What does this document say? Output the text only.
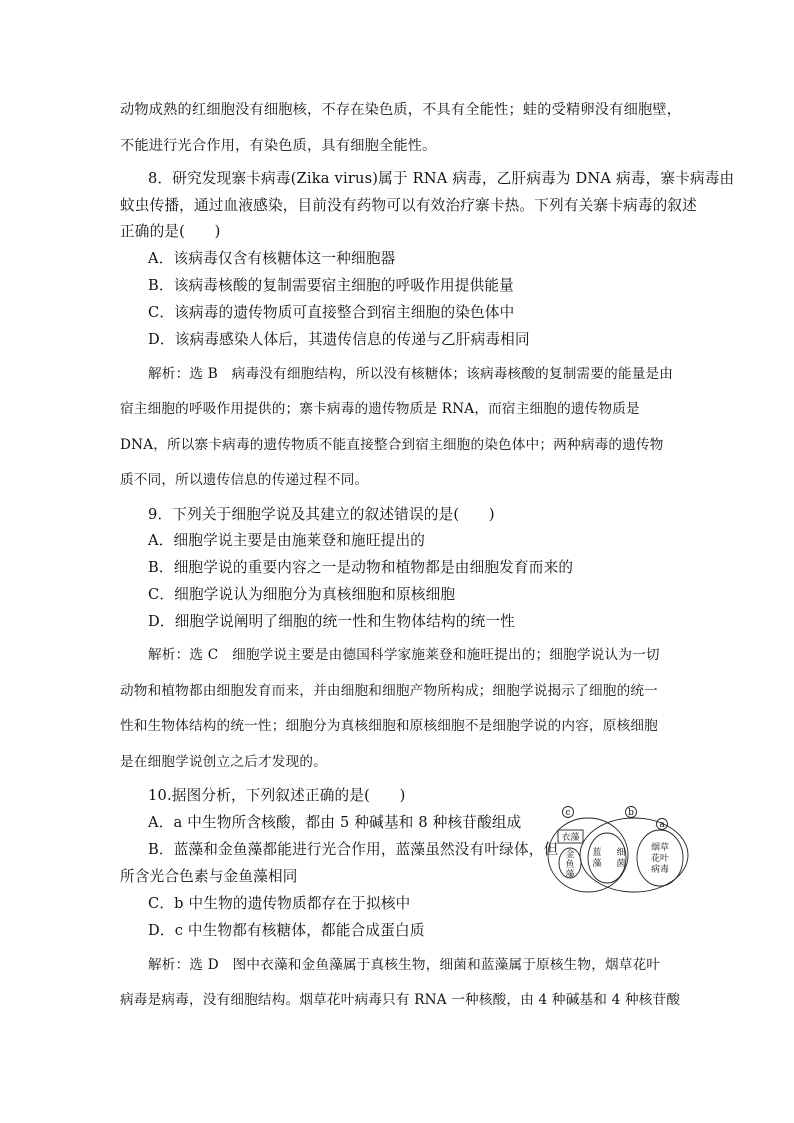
动物成熟的红细胞没有细胞核，不存在染色质，不具有全能性；蛙的受精卵没有细胞壁，
不能进行光合作用，有染色质，具有细胞全能性。
8．研究发现寨卡病毒(Zika virus)属于 RNA 病毒，乙肝病毒为 DNA 病毒，寨卡病毒由
蚊虫传播，通过血液感染，目前没有药物可以有效治疗寨卡热。下列有关寨卡病毒的叙述
正确的是(　　)
A．该病毒仅含有核糖体这一种细胞器
B．该病毒核酸的复制需要宿主细胞的呼吸作用提供能量
C．该病毒的遗传物质可直接整合到宿主细胞的染色体中
D．该病毒感染人体后，其遗传信息的传递与乙肝病毒相同
解析：选 B　病毒没有细胞结构，所以没有核糖体；该病毒核酸的复制需要的能量是由
宿主细胞的呼吸作用提供的；寨卡病毒的遗传物质是 RNA，而宿主细胞的遗传物质是
DNA，所以寨卡病毒的遗传物质不能直接整合到宿主细胞的染色体中；两种病毒的遗传物
质不同，所以遗传信息的传递过程不同。
9．下列关于细胞学说及其建立的叙述错误的是(　　)
A．细胞学说主要是由施莱登和施旺提出的
B．细胞学说的重要内容之一是动物和植物都是由细胞发育而来的
C．细胞学说认为细胞分为真核细胞和原核细胞
D．细胞学说阐明了细胞的统一性和生物体结构的统一性
解析：选 C　细胞学说主要是由德国科学家施莱登和施旺提出的；细胞学说认为一切
动物和植物都由细胞发育而来，并由细胞和细胞产物所构成；细胞学说揭示了细胞的统一
性和生物体结构的统一性；细胞分为真核细胞和原核细胞不是细胞学说的内容，原核细胞
是在细胞学说创立之后才发现的。
10.据图分析，下列叙述正确的是(　　)
A．a 中生物所含核酸，都由 5 种碱基和 8 种核苷酸组成
B．蓝藻和金鱼藻都能进行光合作用，蓝藻虽然没有叶绿体，但
所含光合色素与金鱼藻相同
C．b 中生物的遗传物质都存在于拟核中
D．c 中生物都有核糖体，都能合成蛋白质
解析：选 D　图中衣藻和金鱼藻属于真核生物，细菌和蓝藻属于原核生物，烟草花叶
病毒是病毒，没有细胞结构。烟草花叶病毒只有 RNA 一种核酸，由 4 种碱基和 4 种核苷酸
c	b
a
衣藻
金
鱼
藻
蓝
藻
细
菌
烟草
花叶
病毒
